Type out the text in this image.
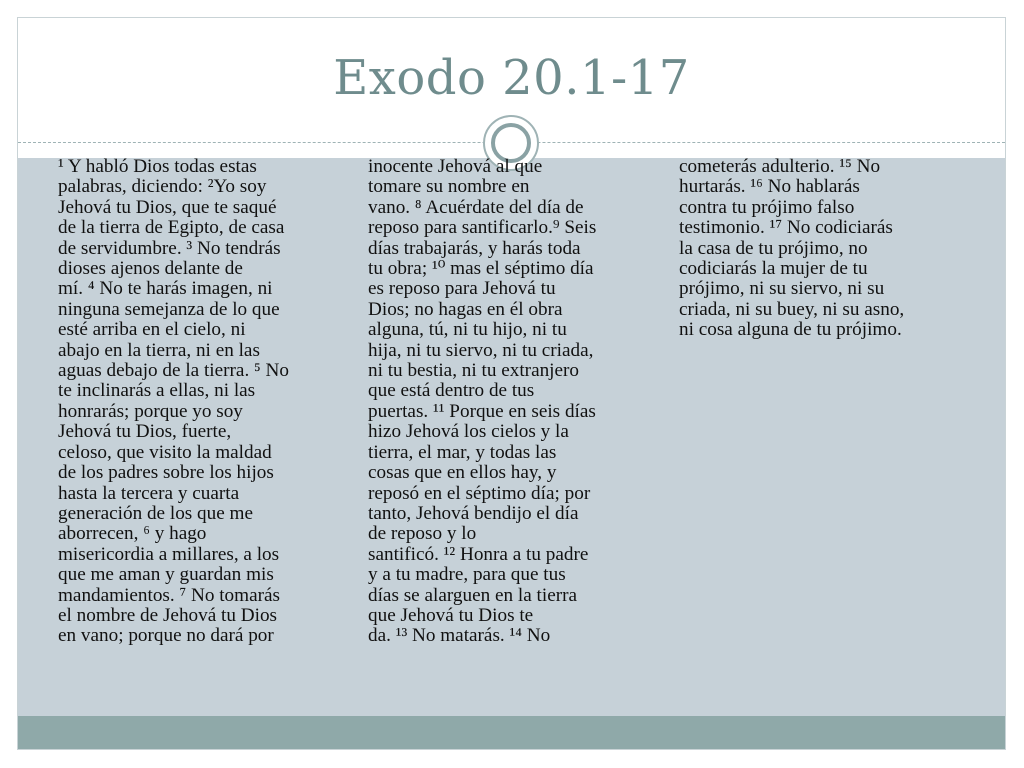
Exodo 20.1-17
¹ Y habló Dios todas estas
palabras, diciendo: ²Yo soy
Jehová tu Dios, que te saqué
de la tierra de Egipto, de casa
de servidumbre. ³ No tendrás
dioses ajenos delante de
mí. ⁴ No te harás imagen, ni
ninguna semejanza de lo que
esté arriba en el cielo, ni
abajo en la tierra, ni en las
aguas debajo de la tierra. ⁵ No
te inclinarás a ellas, ni las
honrarás; porque yo soy
Jehová tu Dios, fuerte,
celoso, que visito la maldad
de los padres sobre los hijos
hasta la tercera y cuarta
generación de los que me
aborrecen, ⁶ y hago
misericordia a millares, a los
que me aman y guardan mis
mandamientos. ⁷ No tomarás
el nombre de Jehová tu Dios
en vano; porque no dará por
inocente Jehová al que
tomare su nombre en
vano. ⁸ Acuérdate del día de
reposo para santificarlo.⁹ Seis
días trabajarás, y harás toda
tu obra; ¹⁰ mas el séptimo día
es reposo para Jehová tu
Dios; no hagas en él obra
alguna, tú, ni tu hijo, ni tu
hija, ni tu siervo, ni tu criada,
ni tu bestia, ni tu extranjero
que está dentro de tus
puertas. ¹¹ Porque en seis días
hizo Jehová los cielos y la
tierra, el mar, y todas las
cosas que en ellos hay, y
reposó en el séptimo día; por
tanto, Jehová bendijo el día
de reposo y lo
santificó. ¹² Honra a tu padre
y a tu madre, para que tus
días se alarguen en la tierra
que Jehová tu Dios te
da. ¹³ No matarás. ¹⁴ No
cometerás adulterio. ¹⁵ No
hurtarás. ¹⁶ No hablarás
contra tu prójimo falso
testimonio. ¹⁷ No codiciarás
la casa de tu prójimo, no
codiciarás la mujer de tu
prójimo, ni su siervo, ni su
criada, ni su buey, ni su asno,
ni cosa alguna de tu prójimo.
